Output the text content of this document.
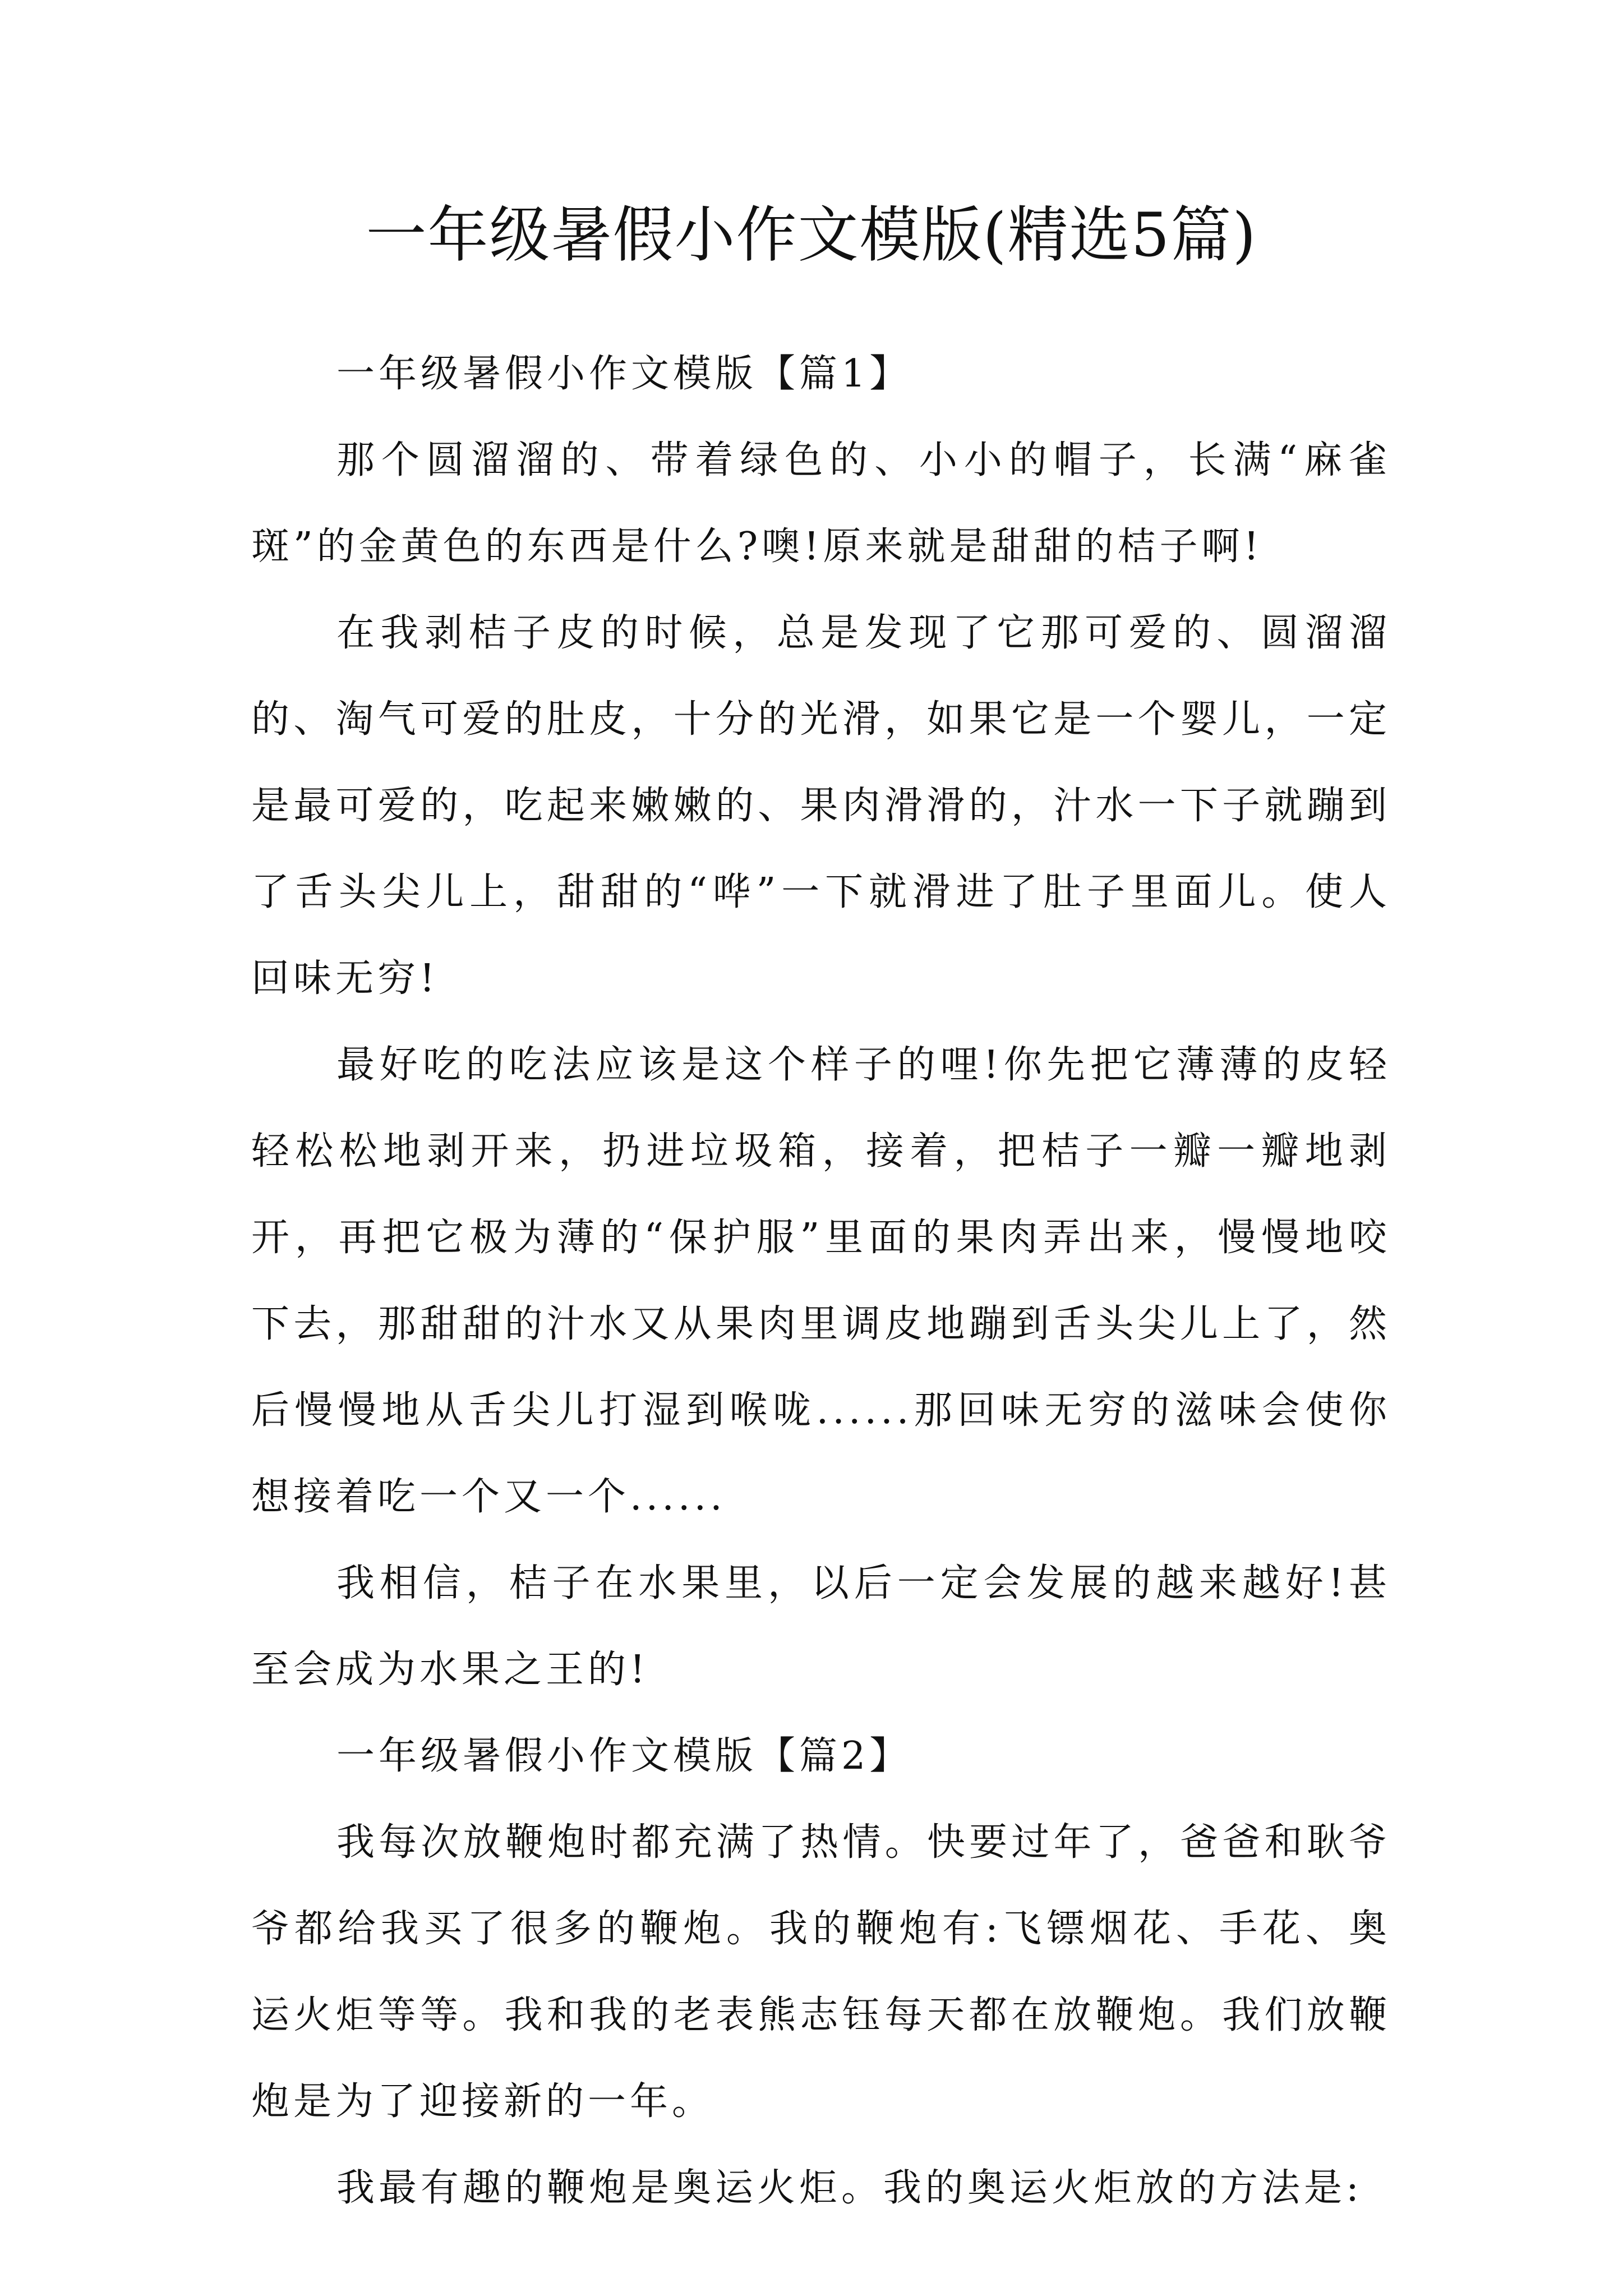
一年级暑假小作文模版(精选5篇)

一年级暑假小作文模版【篇1】

那个圆溜溜的、带着绿色的、小小的帽子，长满“麻雀斑”的金黄色的东西是什么?噢!原来就是甜甜的桔子啊!

在我剥桔子皮的时候，总是发现了它那可爱的、圆溜溜的、淘气可爱的肚皮，十分的光滑，如果它是一个婴儿，一定是最可爱的，吃起来嫩嫩的、果肉滑滑的，汁水一下子就蹦到了舌头尖儿上，甜甜的“哗”一下就滑进了肚子里面儿。使人回味无穷!

最好吃的吃法应该是这个样子的哩!你先把它薄薄的皮轻轻松松地剥开来，扔进垃圾箱，接着，把桔子一瓣一瓣地剥开，再把它极为薄的“保护服”里面的果肉弄出来，慢慢地咬下去，那甜甜的汁水又从果肉里调皮地蹦到舌头尖儿上了，然后慢慢地从舌尖儿打湿到喉咙......那回味无穷的滋味会使你想接着吃一个又一个......

我相信，桔子在水果里，以后一定会发展的越来越好!甚至会成为水果之王的!

一年级暑假小作文模版【篇2】

我每次放鞭炮时都充满了热情。快要过年了，爸爸和耿爷爷都给我买了很多的鞭炮。我的鞭炮有:飞镖烟花、手花、奥运火炬等等。我和我的老表熊志钰每天都在放鞭炮。我们放鞭炮是为了迎接新的一年。

我最有趣的鞭炮是奥运火炬。我的奥运火炬放的方法是:
